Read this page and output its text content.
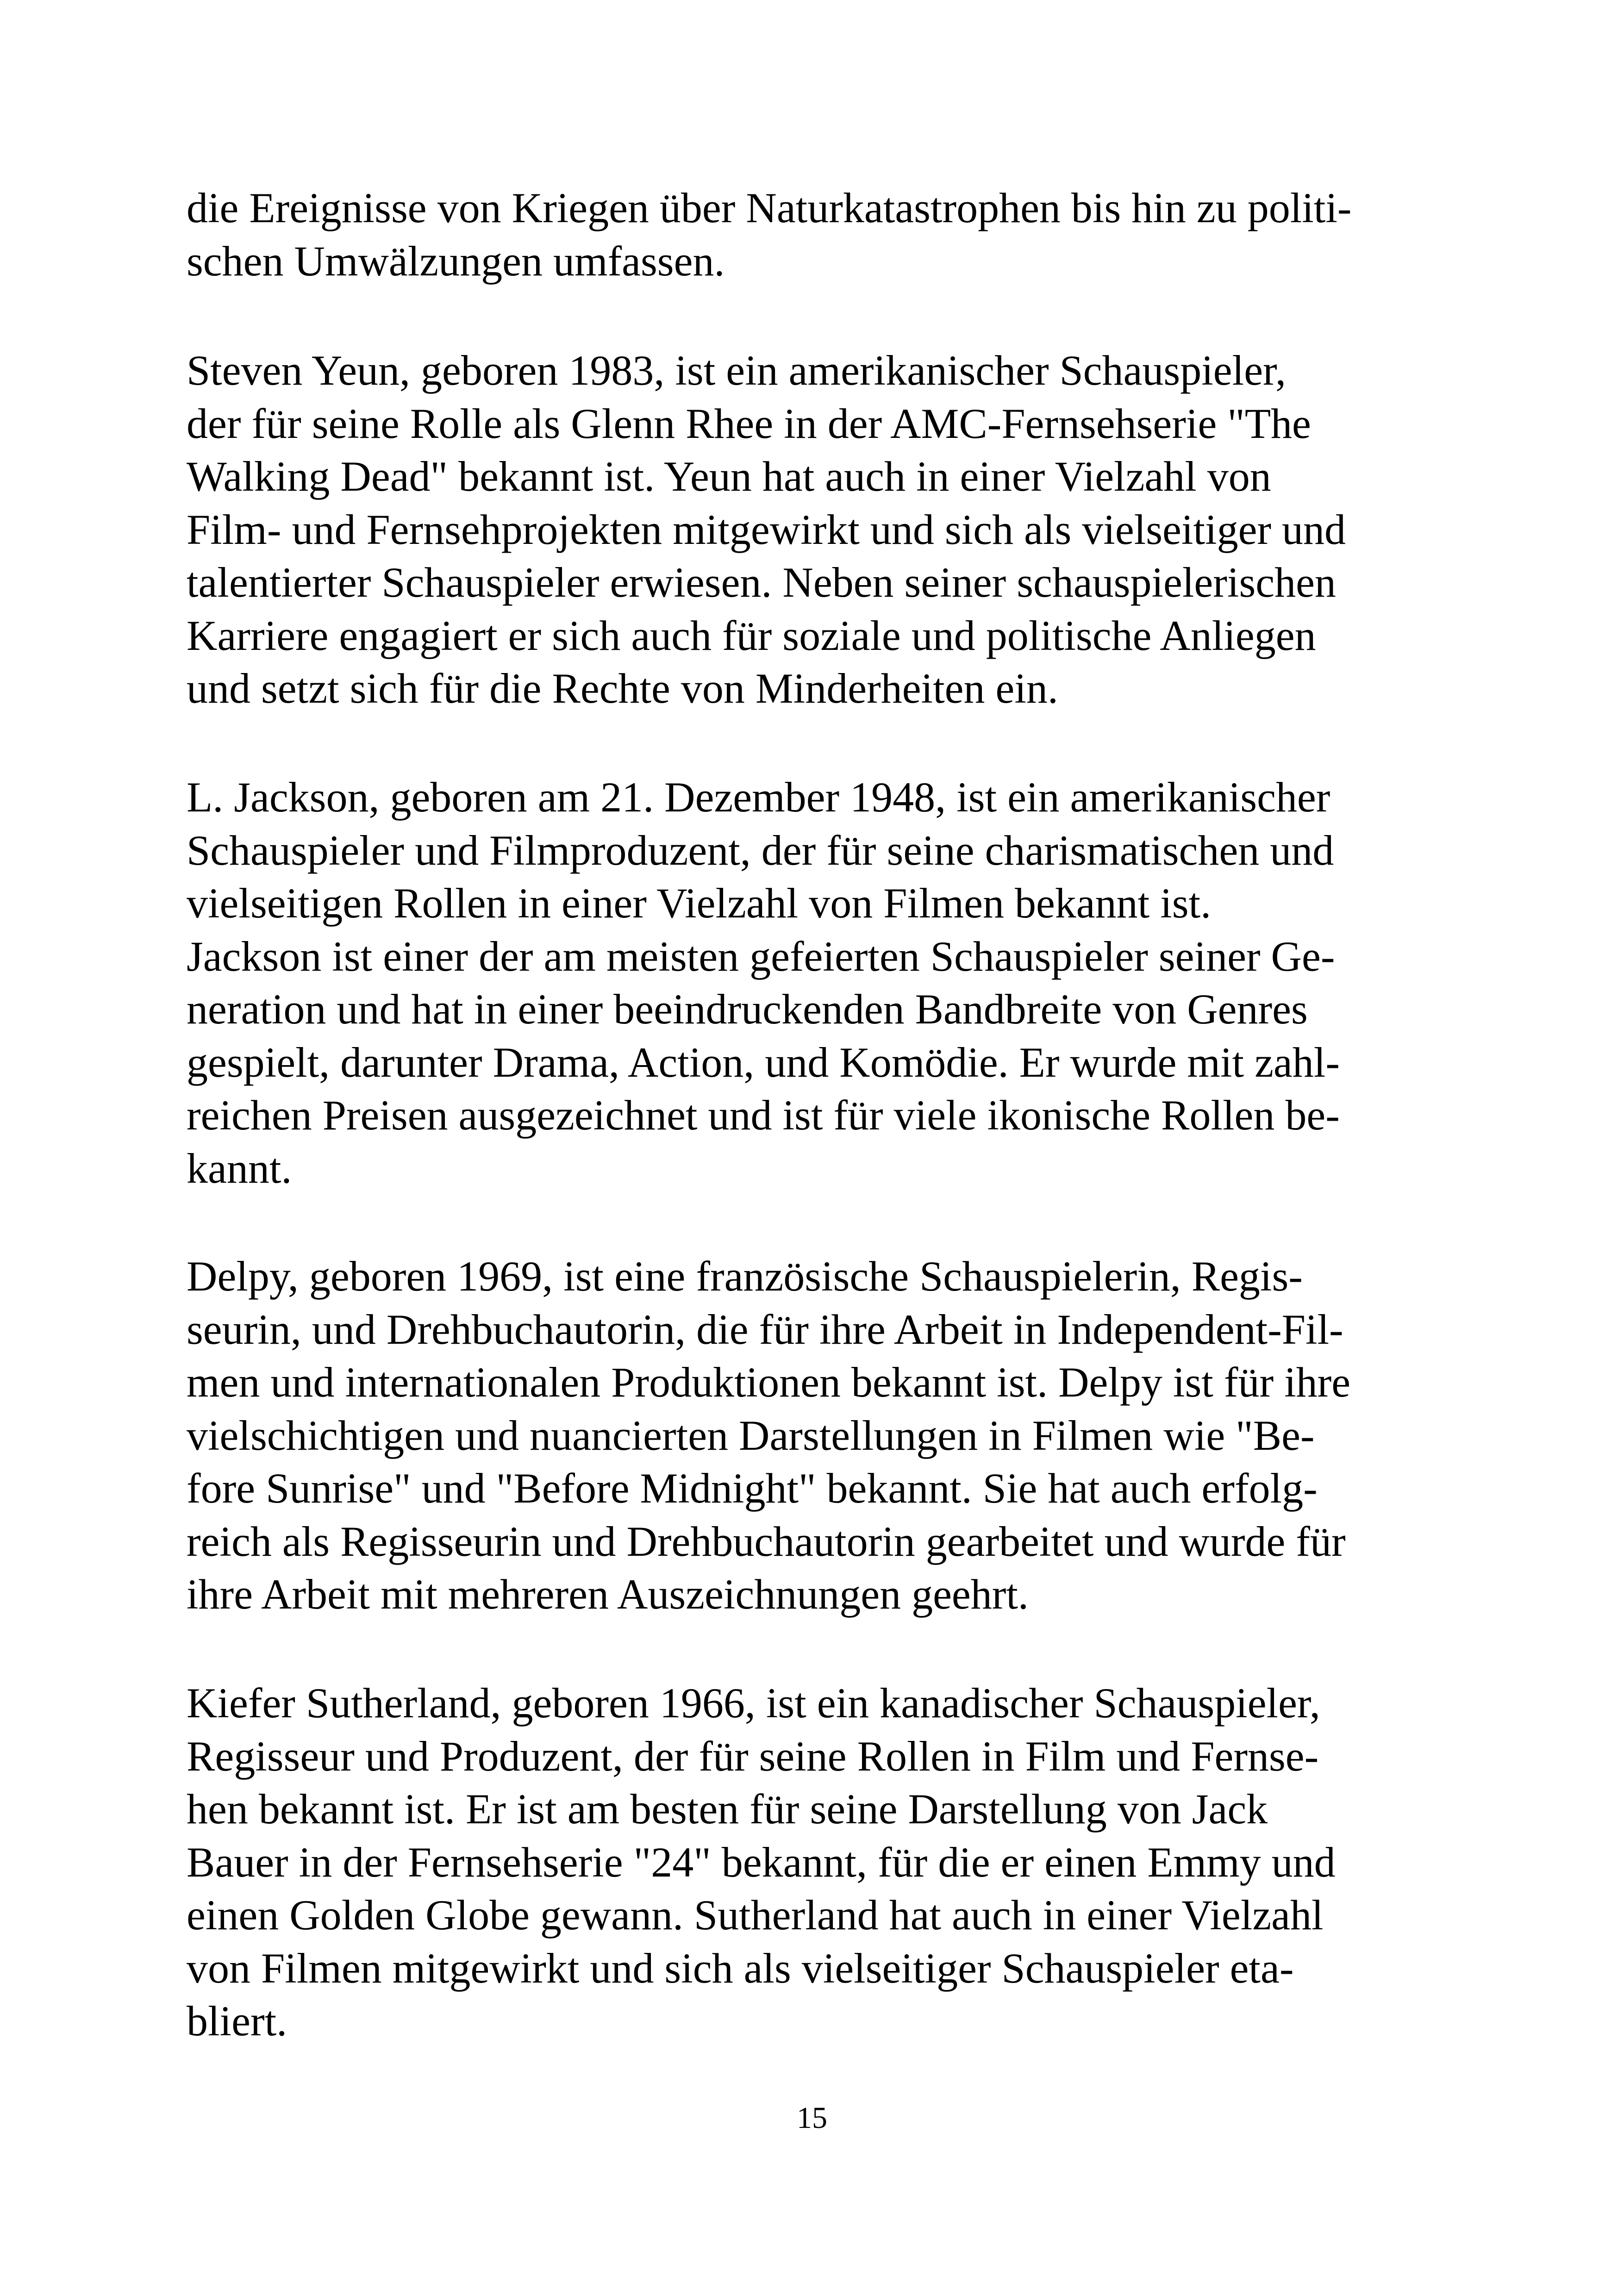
die Ereignisse von Kriegen über Naturkatastrophen bis hin zu politi-
schen Umwälzungen umfassen.

Steven Yeun, geboren 1983, ist ein amerikanischer Schauspieler,
der für seine Rolle als Glenn Rhee in der AMC-Fernsehserie "The
Walking Dead" bekannt ist. Yeun hat auch in einer Vielzahl von
Film- und Fernsehprojekten mitgewirkt und sich als vielseitiger und
talentierter Schauspieler erwiesen. Neben seiner schauspielerischen
Karriere engagiert er sich auch für soziale und politische Anliegen
und setzt sich für die Rechte von Minderheiten ein.

L. Jackson, geboren am 21. Dezember 1948, ist ein amerikanischer
Schauspieler und Filmproduzent, der für seine charismatischen und
vielseitigen Rollen in einer Vielzahl von Filmen bekannt ist.
Jackson ist einer der am meisten gefeierten Schauspieler seiner Ge-
neration und hat in einer beeindruckenden Bandbreite von Genres
gespielt, darunter Drama, Action, und Komödie. Er wurde mit zahl-
reichen Preisen ausgezeichnet und ist für viele ikonische Rollen be-
kannt.

Delpy, geboren 1969, ist eine französische Schauspielerin, Regis-
seurin, und Drehbuchautorin, die für ihre Arbeit in Independent-Fil-
men und internationalen Produktionen bekannt ist. Delpy ist für ihre
vielschichtigen und nuancierten Darstellungen in Filmen wie "Be-
fore Sunrise" und "Before Midnight" bekannt. Sie hat auch erfolg-
reich als Regisseurin und Drehbuchautorin gearbeitet und wurde für
ihre Arbeit mit mehreren Auszeichnungen geehrt.

Kiefer Sutherland, geboren 1966, ist ein kanadischer Schauspieler,
Regisseur und Produzent, der für seine Rollen in Film und Fernse-
hen bekannt ist. Er ist am besten für seine Darstellung von Jack
Bauer in der Fernsehserie "24" bekannt, für die er einen Emmy und
einen Golden Globe gewann. Sutherland hat auch in einer Vielzahl
von Filmen mitgewirkt und sich als vielseitiger Schauspieler eta-
bliert.

15
